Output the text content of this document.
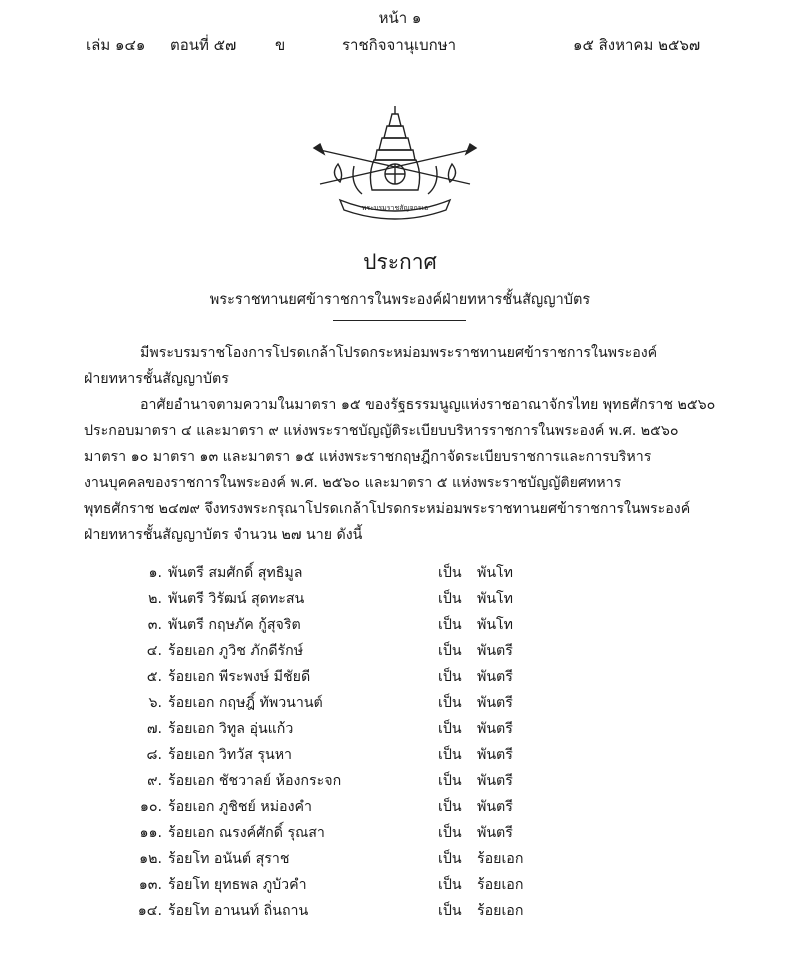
หน้า ๑
เล่ม ๑๔๑ ตอนที่ ๕๗	ข	ราชกิจจานุเบกษา	๑๕ สิงหาคม ๒๕๖๗
พระบรมราชสัญจกรเอ
ประกาศ
พระราชทานยศข้าราชการในพระองค์ฝ่ายทหารชั้นสัญญาบัตร

มีพระบรมราชโองการโปรดเกล้าโปรดกระหม่อมพระราชทานยศข้าราชการในพระองค์

ฝ่ายทหารชั้นสัญญาบัตร

อาศัยอำนาจตามความในมาตรา ๑๕ ของรัฐธรรมนูญแห่งราชอาณาจักรไทย พุทธศักราช ๒๕๖๐

ประกอบมาตรา ๔ และมาตรา ๙ แห่งพระราชบัญญัติระเบียบบริหารราชการในพระองค์ พ.ศ. ๒๕๖๐

มาตรา ๑๐ มาตรา ๑๓ และมาตรา ๑๕ แห่งพระราชกฤษฎีกาจัดระเบียบราชการและการบริหาร

งานบุคคลของราชการในพระองค์ พ.ศ. ๒๕๖๐ และมาตรา ๕ แห่งพระราชบัญญัติยศทหาร

พุทธศักราช ๒๔๗๙ จึงทรงพระกรุณาโปรดเกล้าโปรดกระหม่อมพระราชทานยศข้าราชการในพระองค์

ฝ่ายทหารชั้นสัญญาบัตร จำนวน ๒๗ นาย ดังนี้

๑. พันตรี สมศักดิ์ สุทธิมูล	เป็น พันโท
๒. พันตรี วิรัฒน์ สุดทะสน	เป็น พันโท
๓. พันตรี กฤษภัค กู้สุจริต	เป็น พันโท
๔. ร้อยเอก ภูวิช ภักดีรักษ์	เป็น พันตรี
๕. ร้อยเอก พีระพงษ์ มีชัยดี	เป็น พันตรี
๖. ร้อยเอก กฤษฎิ์ ทัพวนานต์	เป็น พันตรี
๗. ร้อยเอก วิทูล อุ่นแก้ว	เป็น พันตรี
๘. ร้อยเอก วิทวัส รุนหา	เป็น พันตรี
๙. ร้อยเอก ชัชวาลย์ ห้องกระจก	เป็น พันตรี
๑๐. ร้อยเอก ภูชิชย์ หม่องคำ	เป็น พันตรี
๑๑. ร้อยเอก ณรงค์ศักดิ์ รุณสา	เป็น พันตรี
๑๒. ร้อยโท อนันต์ สุราช	เป็น ร้อยเอก
๑๓. ร้อยโท ยุทธพล ภูบัวคำ	เป็น ร้อยเอก
๑๔. ร้อยโท อานนท์ ถิ่นถาน	เป็น ร้อยเอก
